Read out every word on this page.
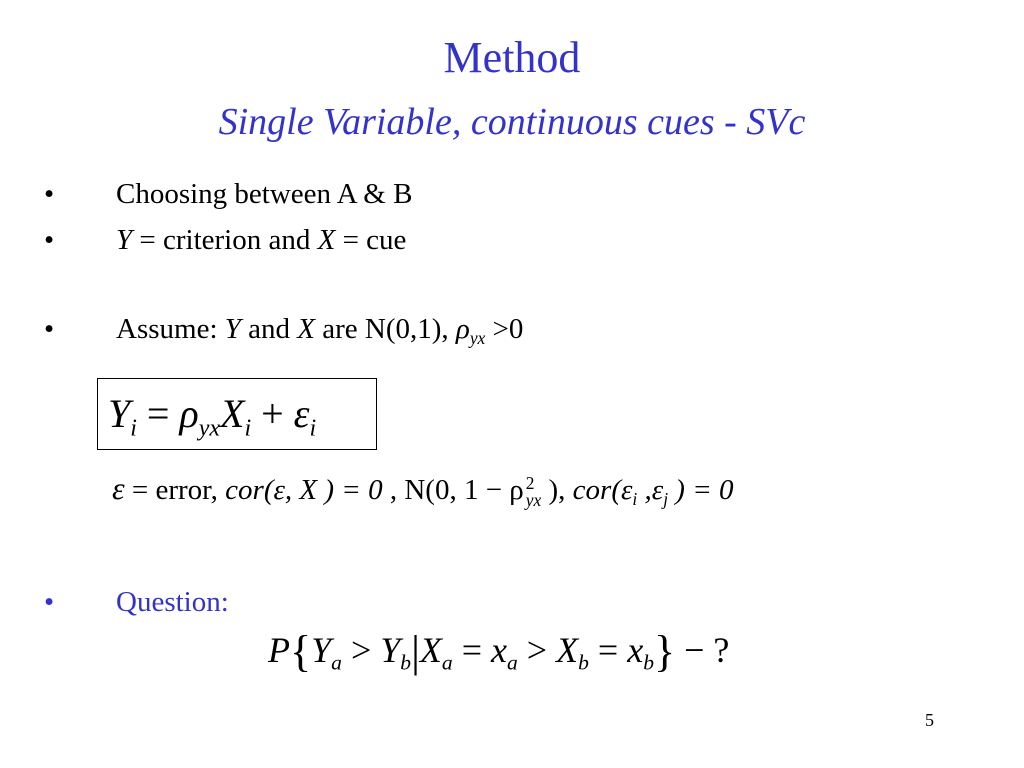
Method
Single Variable, continuous cues - SVc
• Choosing between A & B
• Y = criterion and X = cue
• Assume: Y and X are N(0,1), $\rho_{yx} >0$
$Y_i = \rho_{yx}X_i + \varepsilon_i$
ε = error, cor(ε, X ) = 0 , N(0, 1 − ρ 2
yx ), $cor(\varepsilon_i$ $,\varepsilon_j$ ) = 0
• Question:
$P\{Y_a > Y_b|X_a = x_a > X_b = x_b\}$ − ?
5
